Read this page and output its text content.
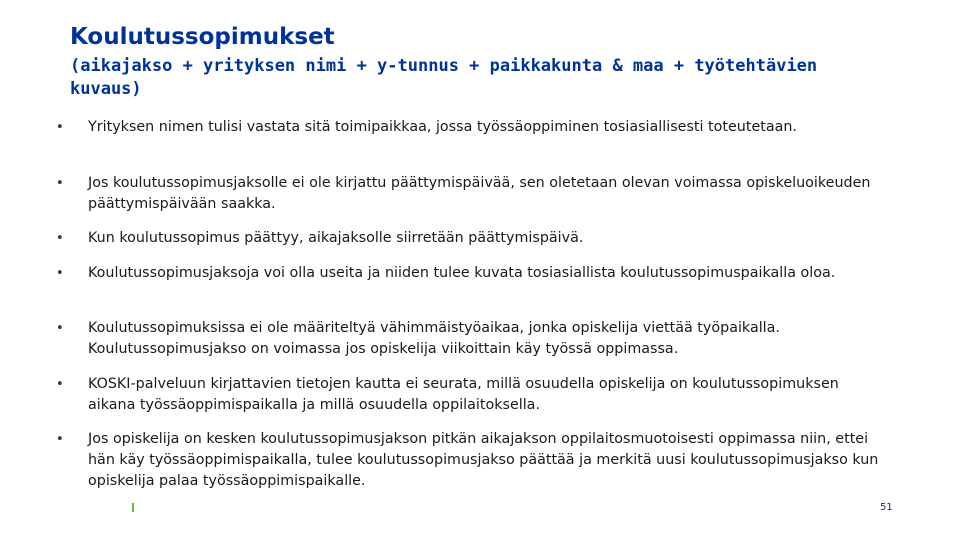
Koulutussopimukset

(aikajakso + yrityksen nimi + y-tunnus + paikkakunta & maa + työtehtävien kuvaus)

•	Yrityksen nimen tulisi vastata sitä toimipaikkaa, jossa työssäoppiminen tosiasiallisesti toteutetaan.
•	Jos koulutussopimusjaksolle ei ole kirjattu päättymispäivää, sen oletetaan olevan voimassa opiskeluoikeuden päättymispäivään saakka.
•	Kun koulutussopimus päättyy, aikajaksolle siirretään päättymispäivä.
•	Koulutussopimusjaksoja voi olla useita ja niiden tulee kuvata tosiasiallista koulutussopimuspaikalla oloa.
•	Koulutussopimuksissa ei ole määriteltyä vähimmäistyöaikaa, jonka opiskelija viettää työpaikalla. Koulutussopimusjakso on voimassa jos opiskelija viikoittain käy työssä oppimassa.
•	KOSKI-palveluun kirjattavien tietojen kautta ei seurata, millä osuudella opiskelija on koulutussopimuksen aikana työssäoppimispaikalla ja millä osuudella oppilaitoksella.
•	Jos opiskelija on kesken koulutussopimusjakson pitkän aikajakson oppilaitosmuotoisesti oppimassa niin, ettei hän käy työssäoppimispaikalla, tulee koulutussopimusjakso päättää ja merkitä uusi koulutussopimusjakso kun opiskelija palaa työssäoppimispaikalle.
51
